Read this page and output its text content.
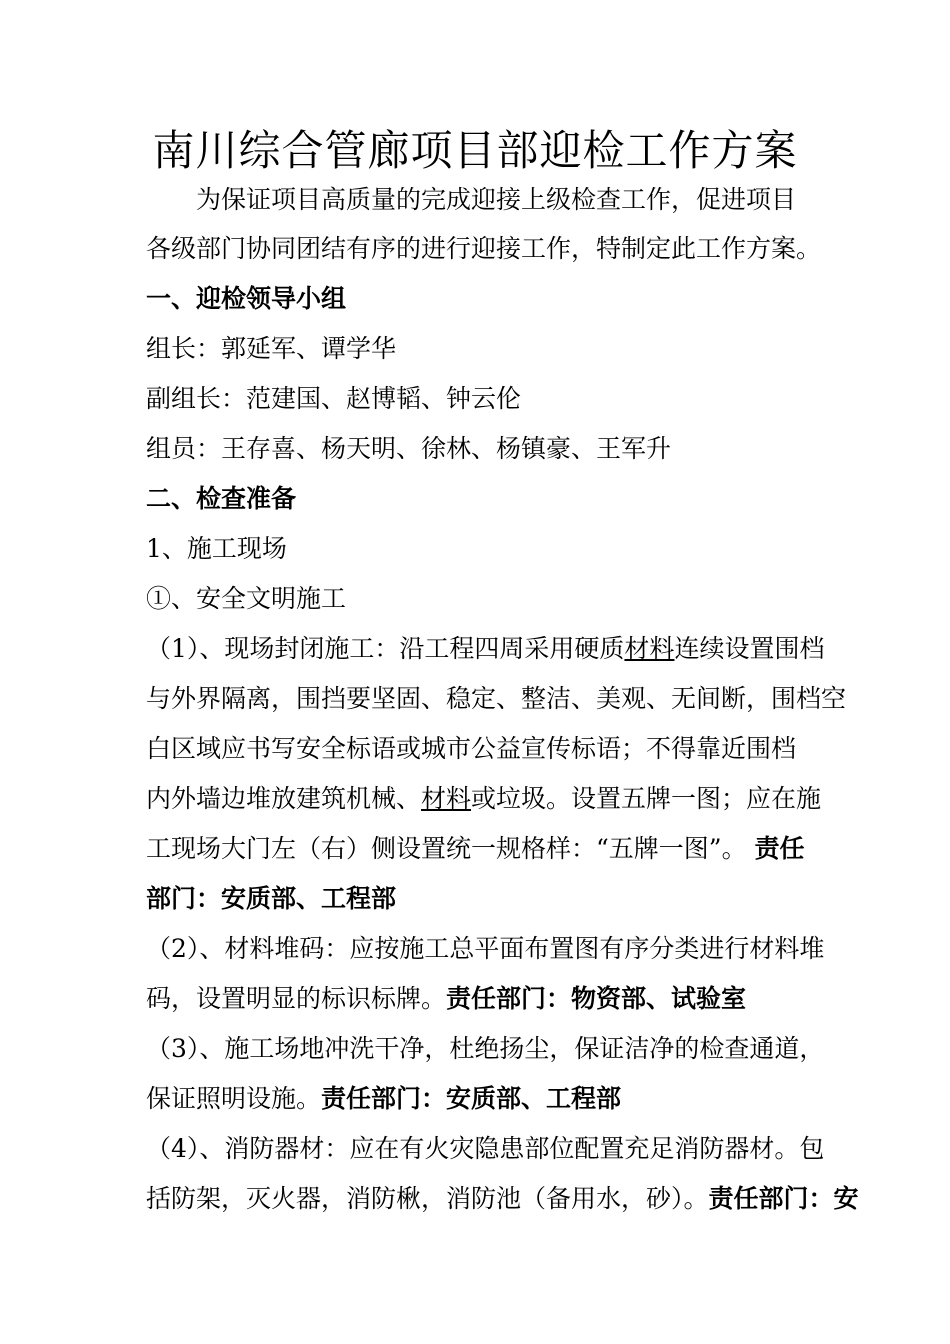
南川综合管廊项目部迎检工作方案
为保证项目高质量的完成迎接上级检查工作，促进项目
各级部门协同团结有序的进行迎接工作，特制定此工作方案。
一、迎检领导小组
组长：郭延军、谭学华
副组长：范建国、赵博韬、钟云伦
组员：王存喜、杨天明、徐林、杨镇豪、王军升
二、检查准备
1、施工现场
①、安全文明施工
（1）、现场封闭施工：沿工程四周采用硬质材料连续设置围档
与外界隔离，围挡要坚固、稳定、整洁、美观、无间断，围档空
白区域应书写安全标语或城市公益宣传标语；不得靠近围档
内外墙边堆放建筑机械、材料或垃圾。设置五牌一图；应在施
工现场大门左（右）侧设置统一规格样：“五牌一图”。 责任
部门：安质部、工程部
（2）、材料堆码：应按施工总平面布置图有序分类进行材料堆
码，设置明显的标识标牌。责任部门：物资部、试验室
（3）、施工场地冲洗干净，杜绝扬尘，保证洁净的检查通道，
保证照明设施。责任部门：安质部、工程部
（4）、消防器材：应在有火灾隐患部位配置充足消防器材。包
括防架，灭火器，消防楸，消防池（备用水，砂）。责任部门：安
